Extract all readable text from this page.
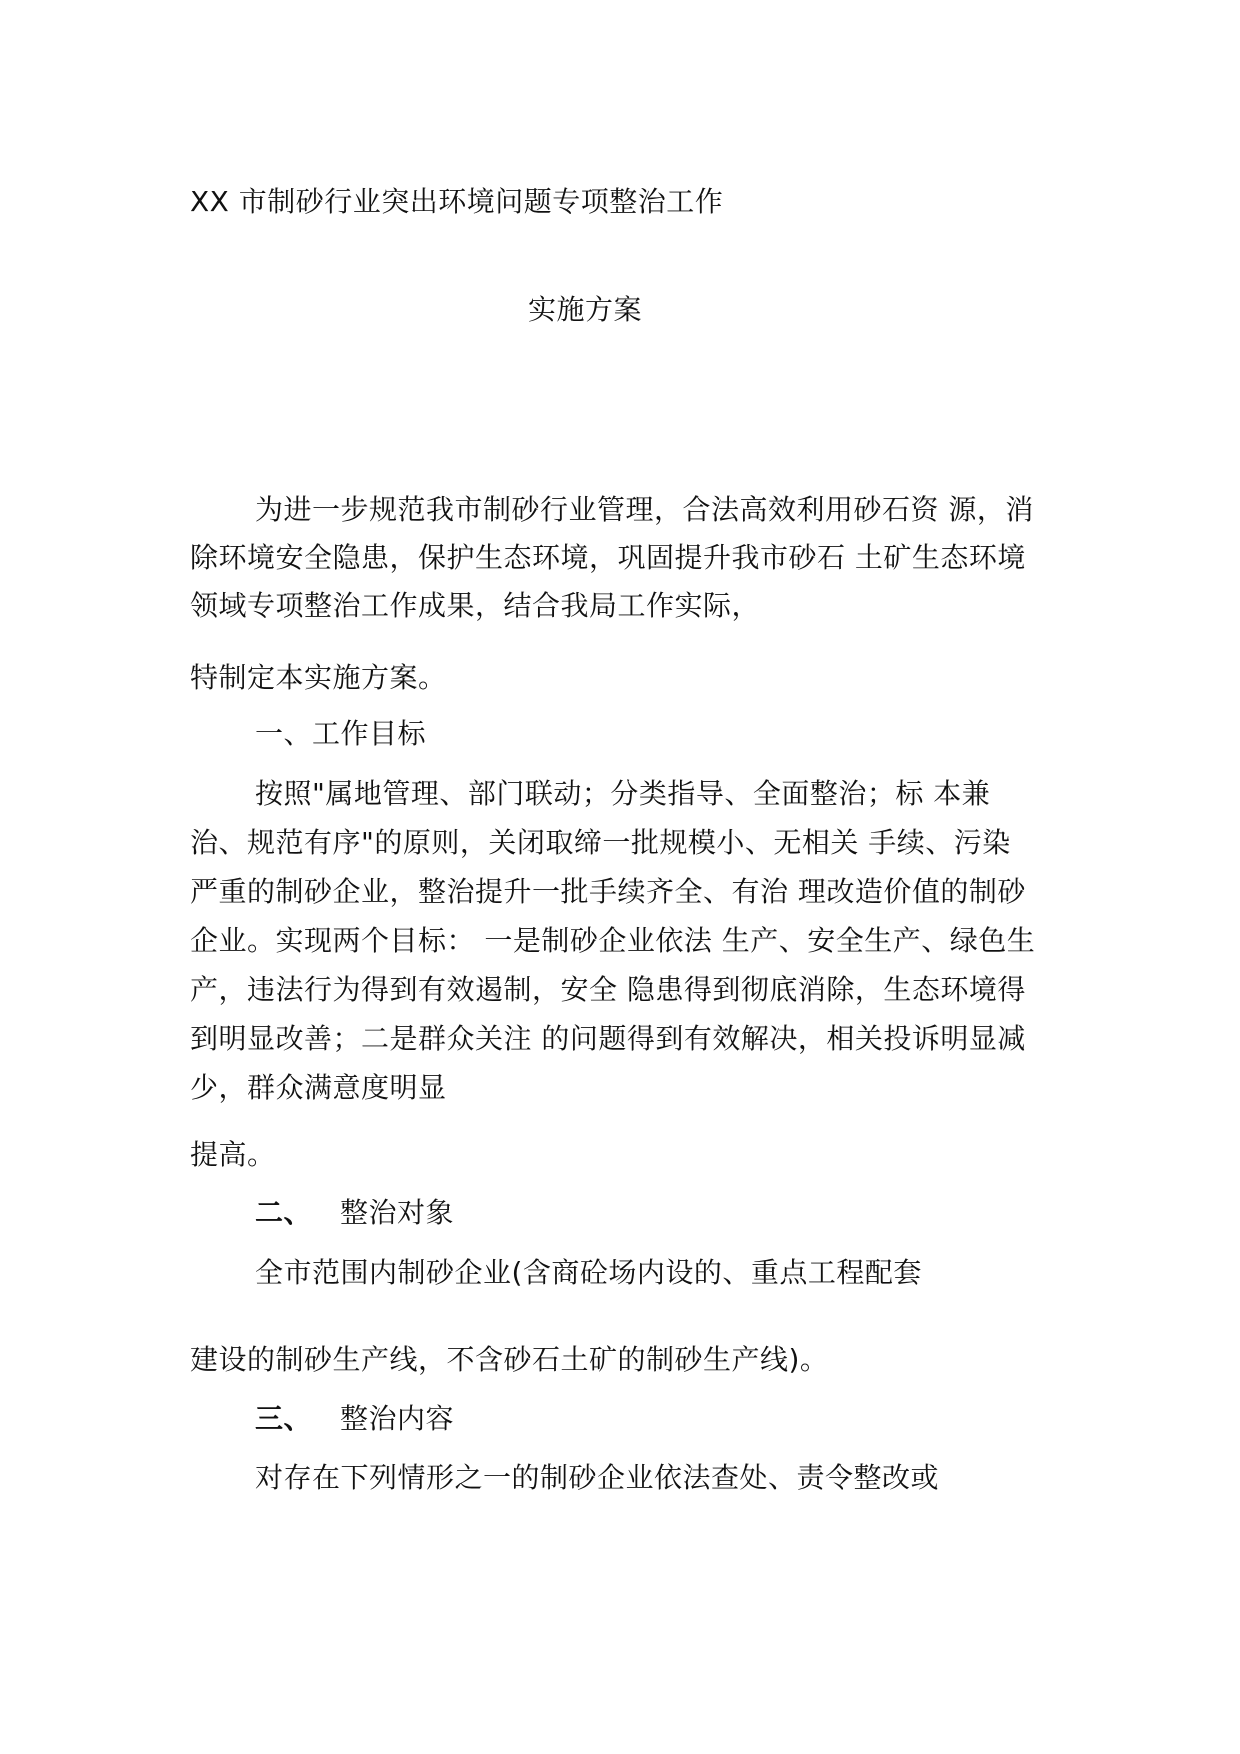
XX 市制砂行业突出环境问题专项整治工作
实施方案
为进一步规范我市制砂行业管理，合法高效利用砂石资 源，消
除环境安全隐患，保护生态环境，巩固提升我市砂石 土矿生态环境
领域专项整治工作成果，结合我局工作实际，
特制定本实施方案。
一、工作目标
按照"属地管理、部门联动；分类指导、全面整治；标 本兼
治、规范有序"的原则，关闭取缔一批规模小、无相关 手续、污染
严重的制砂企业，整治提升一批手续齐全、有治 理改造价值的制砂
企业。实现两个目标： 一是制砂企业依法 生产、安全生产、绿色生
产，违法行为得到有效遏制，安全 隐患得到彻底消除，生态环境得
到明显改善；二是群众关注 的问题得到有效解决，相关投诉明显减
少，群众满意度明显
提高。
二、 整治对象
全市范围内制砂企业(含商砼场内设的、重点工程配套
建设的制砂生产线，不含砂石土矿的制砂生产线)。
三、 整治内容
对存在下列情形之一的制砂企业依法查处、责令整改或
